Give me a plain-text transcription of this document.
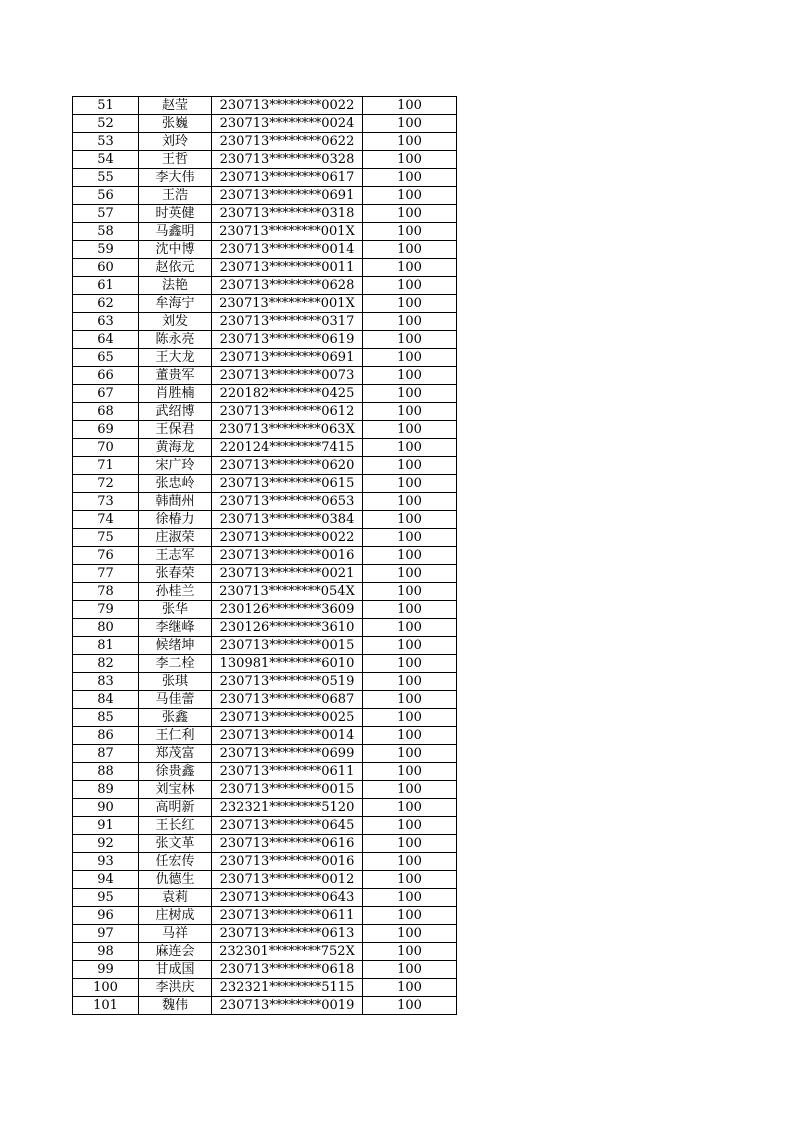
51	赵莹	230713********0022	100
52	张巍	230713********0024	100
53	刘玲	230713********0622	100
54	王哲	230713********0328	100
55	李大伟	230713********0617	100
56	王浩	230713********0691	100
57	时英健	230713********0318	100
58	马鑫明	230713********001X	100
59	沈中博	230713********0014	100
60	赵依元	230713********0011	100
61	法艳	230713********0628	100
62	牟海宁	230713********001X	100
63	刘发	230713********0317	100
64	陈永亮	230713********0619	100
65	王大龙	230713********0691	100
66	董贵军	230713********0073	100
67	肖胜楠	220182********0425	100
68	武绍博	230713********0612	100
69	王保君	230713********063X	100
70	黄海龙	220124********7415	100
71	宋广玲	230713********0620	100
72	张忠岭	230713********0615	100
73	韩蔄州	230713********0653	100
74	徐椿力	230713********0384	100
75	庄淑荣	230713********0022	100
76	王志军	230713********0016	100
77	张春荣	230713********0021	100
78	孙桂兰	230713********054X	100
79	张华	230126********3609	100
80	李继峰	230126********3610	100
81	候绪坤	230713********0015	100
82	李二栓	130981********6010	100
83	张琪	230713********0519	100
84	马佳蕾	230713********0687	100
85	张鑫	230713********0025	100
86	王仁利	230713********0014	100
87	郑茂富	230713********0699	100
88	徐贵鑫	230713********0611	100
89	刘宝林	230713********0015	100
90	高明新	232321********5120	100
91	王长红	230713********0645	100
92	张文革	230713********0616	100
93	任宏传	230713********0016	100
94	仇德生	230713********0012	100
95	袁莉	230713********0643	100
96	庄树成	230713********0611	100
97	马祥	230713********0613	100
98	麻连会	232301********752X	100
99	甘成国	230713********0618	100
100	李洪庆	232321********5115	100
101	魏伟	230713********0019	100
